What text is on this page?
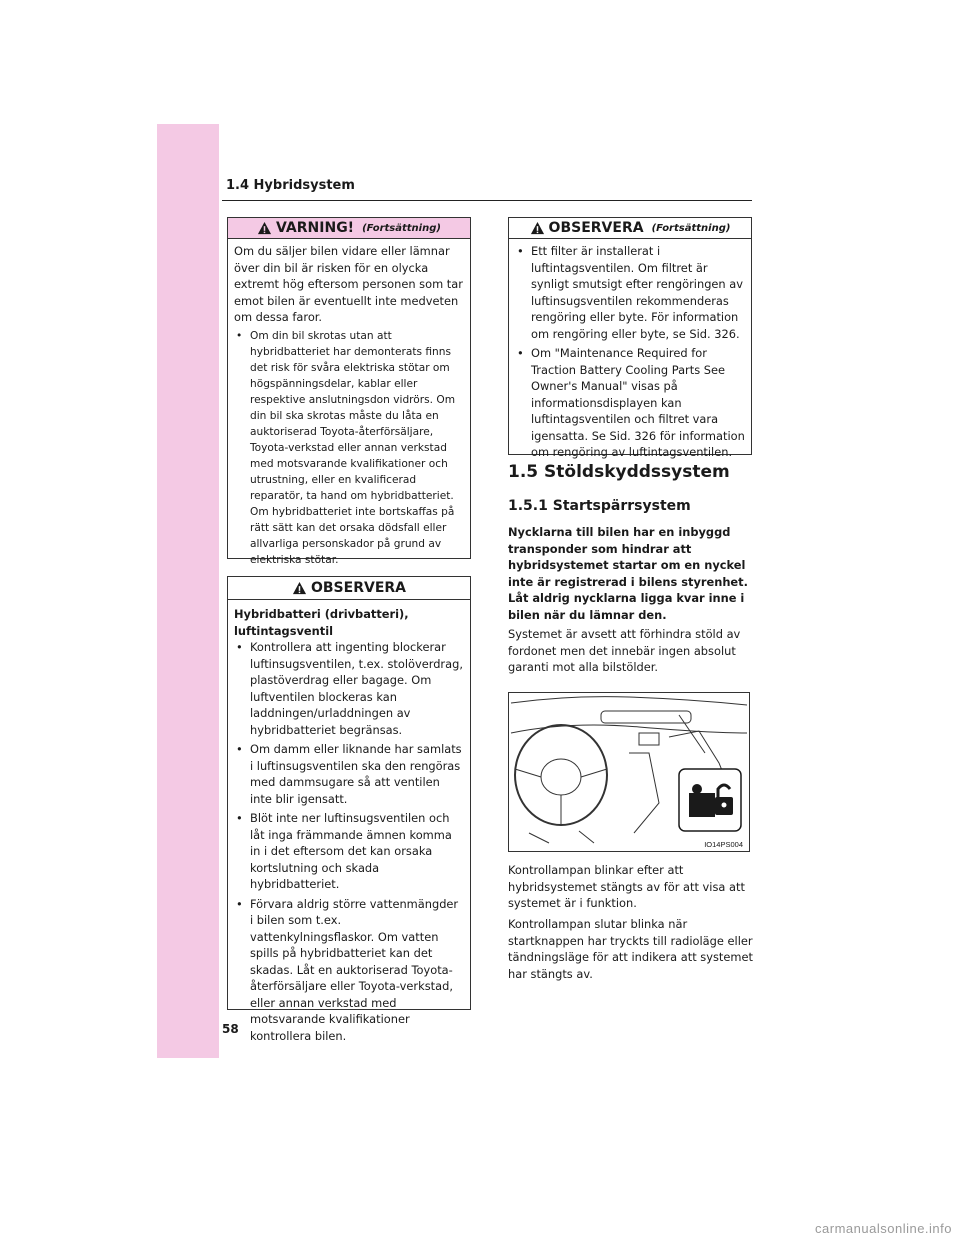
1.4 Hybridsystem
VARNING! (Fortsättning)

Om du säljer bilen vidare eller lämnar över din bil är risken för en olycka extremt hög eftersom personen som tar emot bilen är eventuellt inte medveten om dessa faror.

• Om din bil skrotas utan att hybridbatteriet har demonterats finns det risk för svåra elektriska stötar om högspänningsdelar, kablar eller respektive anslutningsdon vidrörs. Om din bil ska skrotas måste du låta en auktoriserad Toyota-återförsäljare, Toyota-verkstad eller annan verkstad med motsvarande kvalifikationer och utrustning, eller en kvalificerad reparatör, ta hand om hybridbatteriet. Om hybridbatteriet inte bortskaffas på rätt sätt kan det orsaka dödsfall eller allvarliga personskador på grund av elektriska stötar.
OBSERVERA

Hybridbatteri (drivbatteri), luftintagsventil

• Kontrollera att ingenting blockerar luftinsugsventilen, t.ex. stolöverdrag, plastöverdrag eller bagage. Om luftventilen blockeras kan laddningen/urladdningen av hybridbatteriet begränsas.
• Om damm eller liknande har samlats i luftinsugsventilen ska den rengöras med dammsugare så att ventilen inte blir igensatt.
• Blöt inte ner luftinsugsventilen och låt inga främmande ämnen komma in i det eftersom det kan orsaka kortslutning och skada hybridbatteriet.
• Förvara aldrig större vattenmängder i bilen som t.ex. vattenkylningsflaskor. Om vatten spills på hybridbatteriet kan det skadas. Låt en auktoriserad Toyota-återförsäljare eller Toyota-verkstad, eller annan verkstad med motsvarande kvalifikationer kontrollera bilen.
OBSERVERA (Fortsättning)
• Ett filter är installerat i luftintagsventilen. Om filtret är synligt smutsigt efter rengöringen av luftinsugsventilen rekommenderas rengöring eller byte. För information om rengöring eller byte, se Sid. 326.
• Om "Maintenance Required for Traction Battery Cooling Parts See Owner's Manual" visas på informationsdisplayen kan luftintagsventilen och filtret vara igensatta. Se Sid. 326 för information om rengöring av luftintagsventilen.
1.5 Stöldskyddssystem
1.5.1 Startspärrsystem

Nycklarna till bilen har en inbyggd transponder som hindrar att hybridsystemet startar om en nyckel inte är registrerad i bilens styrenhet. Låt aldrig nycklarna ligga kvar inne i bilen när du lämnar den.

Systemet är avsett att förhindra stöld av fordonet men det innebär ingen absolut garanti mot alla bilstölder.

IO14PS004

Kontrollampan blinkar efter att hybridsystemet stängts av för att visa att systemet är i funktion.

Kontrollampan slutar blinka när startknappen har tryckts till radioläge eller tändningsläge för att indikera att systemet har stängts av.

58
carmanualsonline.info
